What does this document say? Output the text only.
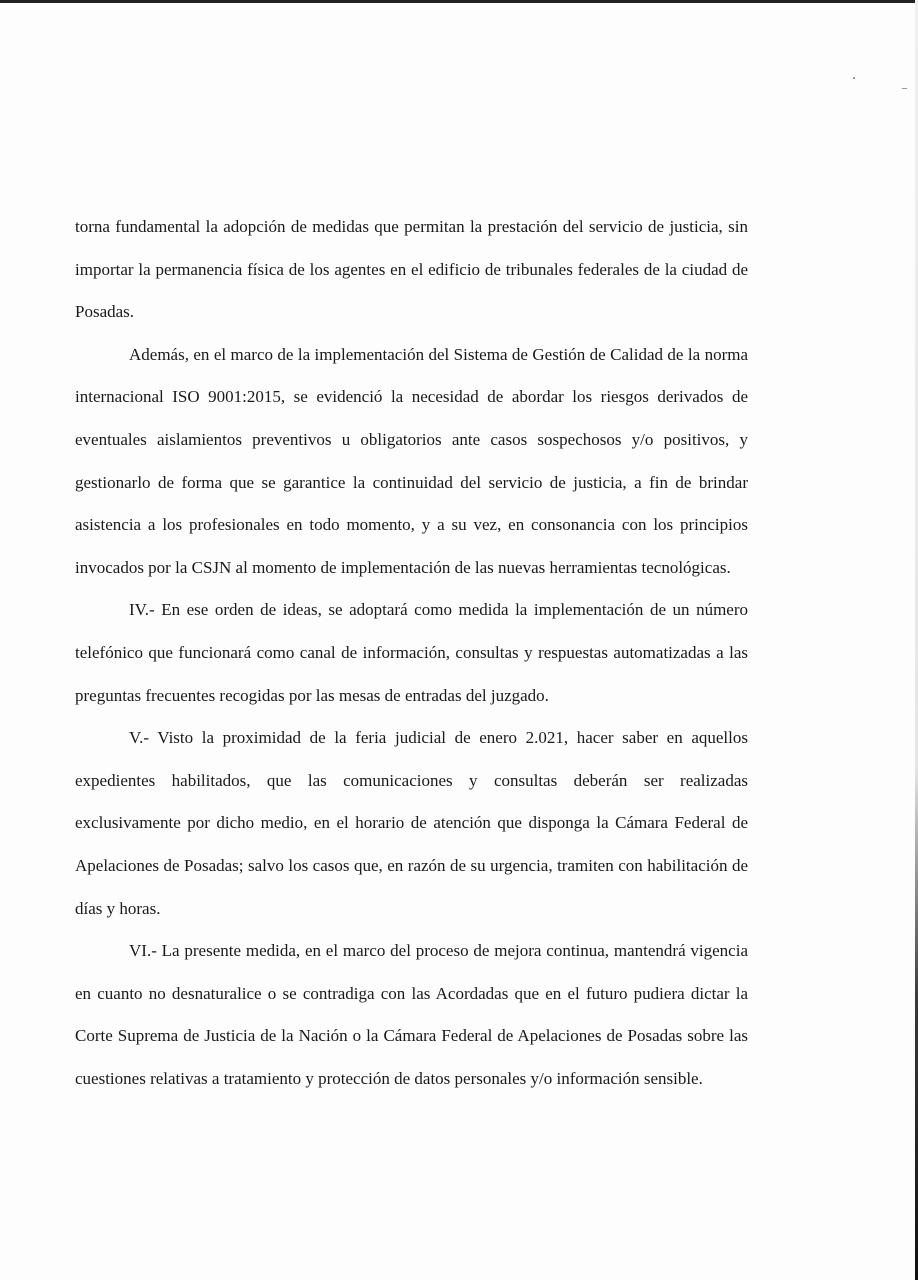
torna fundamental la adopción de medidas que permitan la prestación del servicio de justicia, sin importar la permanencia física de los agentes en el edificio de tribunales federales de la ciudad de Posadas.

Además, en el marco de la implementación del Sistema de Gestión de Calidad de la norma internacional ISO 9001:2015, se evidenció la necesidad de abordar los riesgos derivados de eventuales aislamientos preventivos u obligatorios ante casos sospechosos y/o positivos, y gestionarlo de forma que se garantice la continuidad del servicio de justicia, a fin de brindar asistencia a los profesionales en todo momento, y a su vez, en consonancia con los principios invocados por la CSJN al momento de implementación de las nuevas herramientas tecnológicas.

IV.- En ese orden de ideas, se adoptará como medida la implementación de un número telefónico que funcionará como canal de información, consultas y respuestas automatizadas a las preguntas frecuentes recogidas por las mesas de entradas del juzgado.

V.- Visto la proximidad de la feria judicial de enero 2.021, hacer saber en aquellos expedientes habilitados, que las comunicaciones y consultas deberán ser realizadas exclusivamente por dicho medio, en el horario de atención que disponga la Cámara Federal de Apelaciones de Posadas; salvo los casos que, en razón de su urgencia, tramiten con habilitación de días y horas.

VI.- La presente medida, en el marco del proceso de mejora continua, mantendrá vigencia en cuanto no desnaturalice o se contradiga con las Acordadas que en el futuro pudiera dictar la Corte Suprema de Justicia de la Nación o la Cámara Federal de Apelaciones de Posadas sobre las cuestiones relativas a tratamiento y protección de datos personales y/o información sensible.
